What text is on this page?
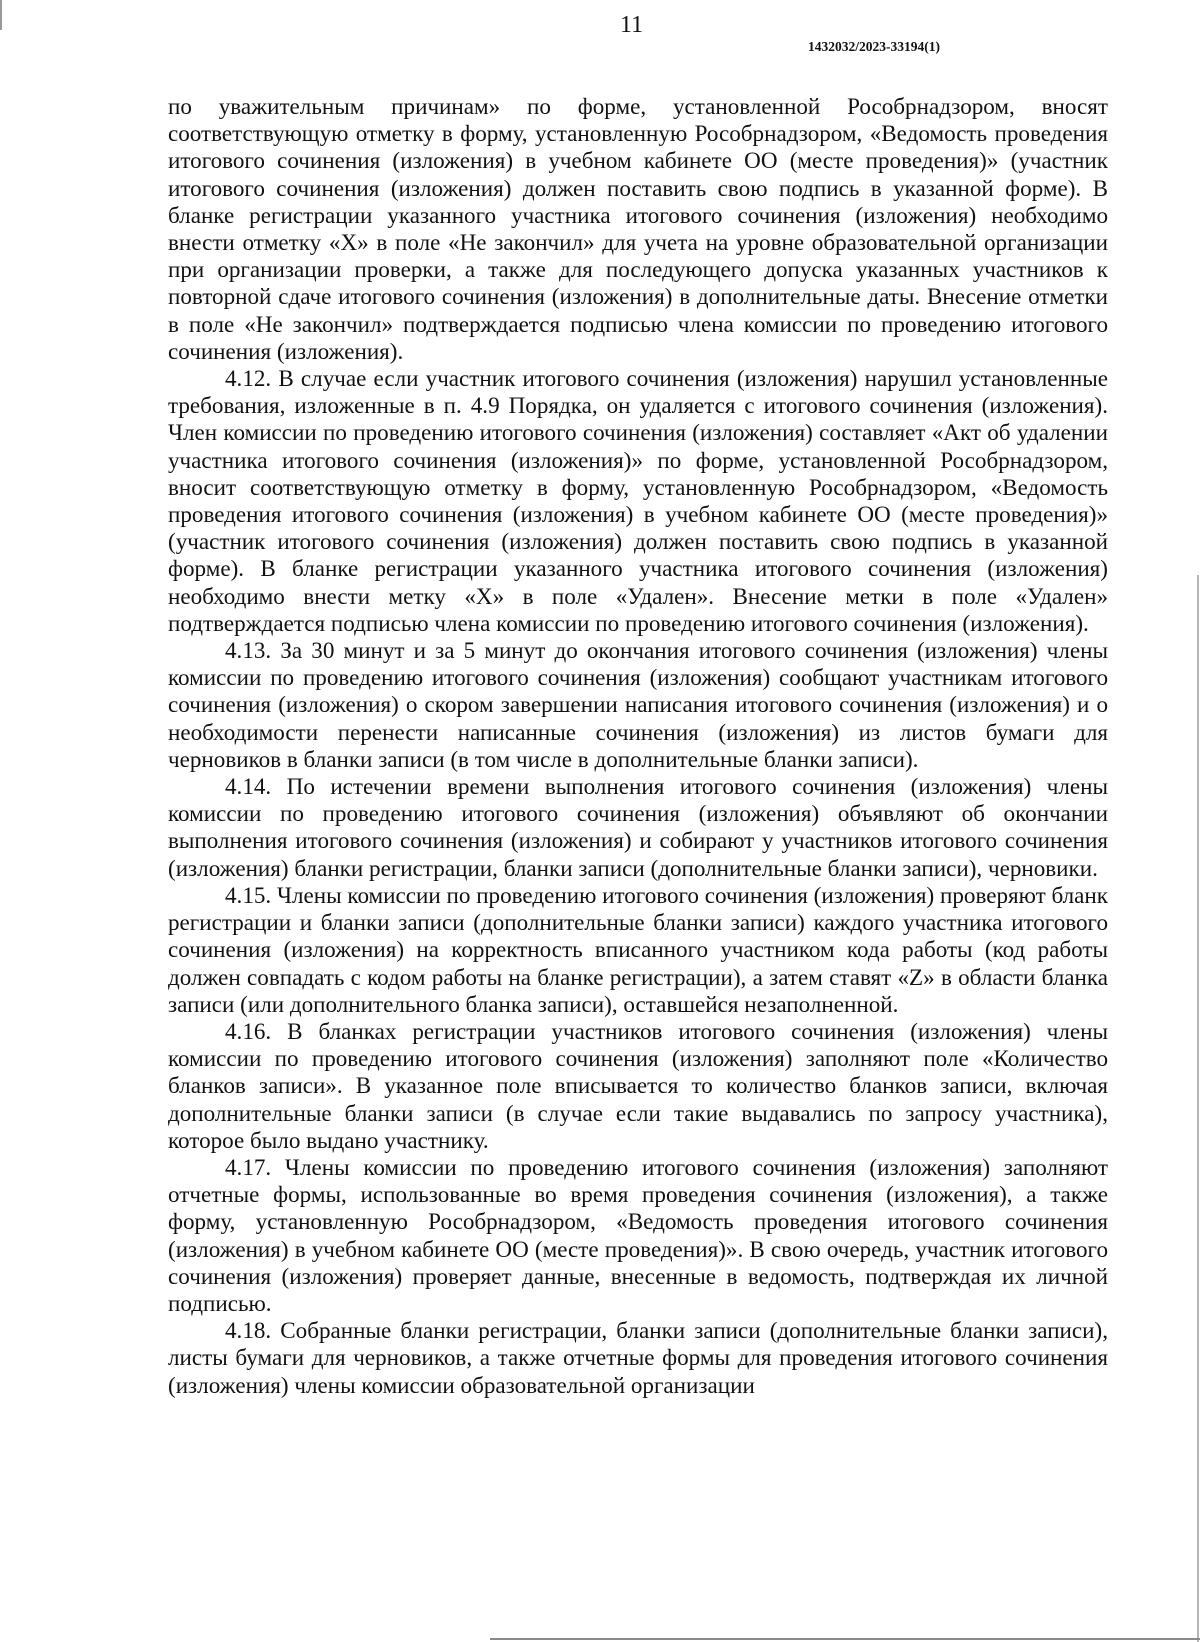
11
1432032/2023-33194(1)

по уважительным причинам» по форме, установленной Рособрнадзором, вносят соответствующую отметку в форму, установленную Рособрнадзором, «Ведомость проведения итогового сочинения (изложения) в учебном кабинете ОО (месте проведения)» (участник итогового сочинения (изложения) должен поставить свою подпись в указанной форме). В бланке регистрации указанного участника итогового сочинения (изложения) необходимо внести отметку «X» в поле «Не закончил» для учета на уровне образовательной организации при организации проверки, а также для последующего допуска указанных участников к повторной сдаче итогового сочинения (изложения) в дополнительные даты. Внесение отметки в поле «Не закончил» подтверждается подписью члена комиссии по проведению итогового сочинения (изложения).

4.12. В случае если участник итогового сочинения (изложения) нарушил установленные требования, изложенные в п. 4.9 Порядка, он удаляется с итогового сочинения (изложения). Член комиссии по проведению итогового сочинения (изложения) составляет «Акт об удалении участника итогового сочинения (изложения)» по форме, установленной Рособрнадзором, вносит соответствующую отметку в форму, установленную Рособрнадзором, «Ведомость проведения итогового сочинения (изложения) в учебном кабинете ОО (месте проведения)» (участник итогового сочинения (изложения) должен поставить свою подпись в указанной форме). В бланке регистрации указанного участника итогового сочинения (изложения) необходимо внести метку «X» в поле «Удален». Внесение метки в поле «Удален» подтверждается подписью члена комиссии по проведению итогового сочинения (изложения).

4.13. За 30 минут и за 5 минут до окончания итогового сочинения (изложения) члены комиссии по проведению итогового сочинения (изложения) сообщают участникам итогового сочинения (изложения) о скором завершении написания итогового сочинения (изложения) и о необходимости перенести написанные сочинения (изложения) из листов бумаги для черновиков в бланки записи (в том числе в дополнительные бланки записи).

4.14. По истечении времени выполнения итогового сочинения (изложения) члены комиссии по проведению итогового сочинения (изложения) объявляют об окончании выполнения итогового сочинения (изложения) и собирают у участников итогового сочинения (изложения) бланки регистрации, бланки записи (дополнительные бланки записи), черновики.

4.15. Члены комиссии по проведению итогового сочинения (изложения) проверяют бланк регистрации и бланки записи (дополнительные бланки записи) каждого участника итогового сочинения (изложения) на корректность вписанного участником кода работы (код работы должен совпадать с кодом работы на бланке регистрации), а затем ставят «Z» в области бланка записи (или дополнительного бланка записи), оставшейся незаполненной.

4.16. В бланках регистрации участников итогового сочинения (изложения) члены комиссии по проведению итогового сочинения (изложения) заполняют поле «Количество бланков записи». В указанное поле вписывается то количество бланков записи, включая дополнительные бланки записи (в случае если такие выдавались по запросу участника), которое было выдано участнику.

4.17. Члены комиссии по проведению итогового сочинения (изложения) заполняют отчетные формы, использованные во время проведения сочинения (изложения), а также форму, установленную Рособрнадзором, «Ведомость проведения итогового сочинения (изложения) в учебном кабинете ОО (месте проведения)». В свою очередь, участник итогового сочинения (изложения) проверяет данные, внесенные в ведомость, подтверждая их личной подписью.

4.18. Собранные бланки регистрации, бланки записи (дополнительные бланки записи), листы бумаги для черновиков, а также отчетные формы для проведения итогового сочинения (изложения) члены комиссии образовательной организации
